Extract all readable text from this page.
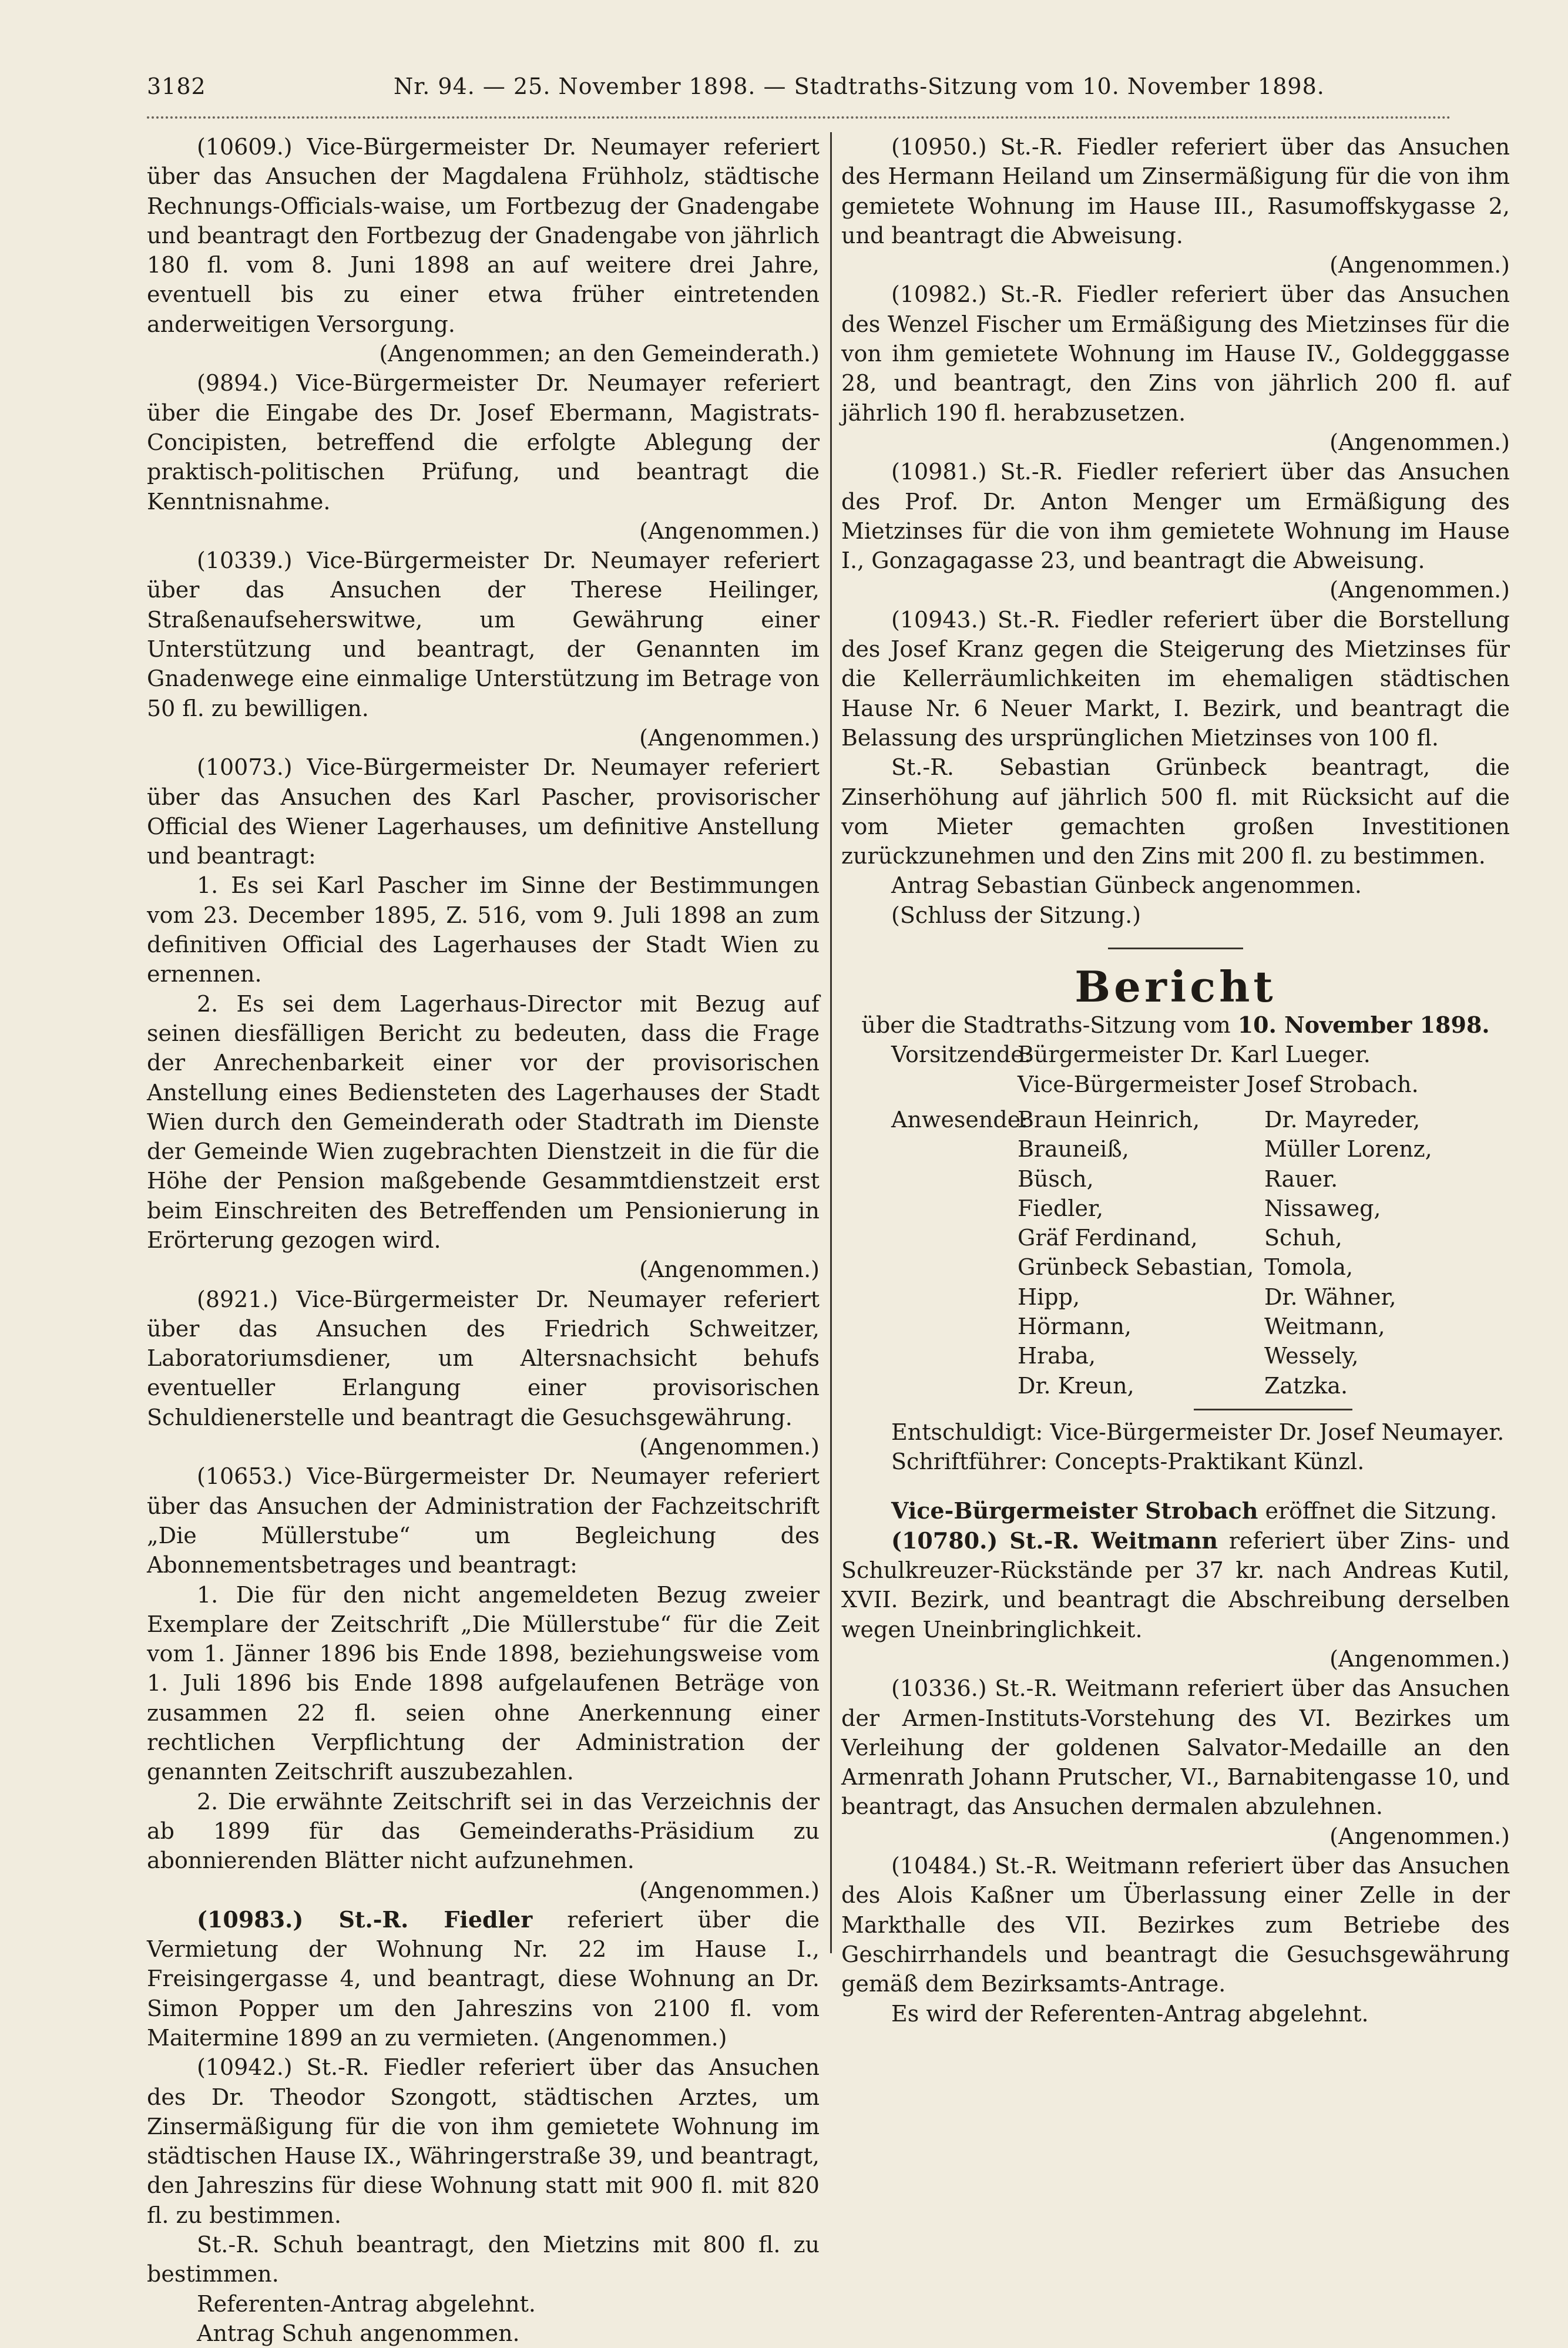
3182	Nr. 94. — 25. November 1898. — Stadtraths-Sitzung vom 10. November 1898.

(10609.) Vice-Bürgermeister Dr. Neumayer referiert über das Ansuchen der Magdalena Frühholz, städtische Rechnungs-Officials-waise, um Fortbezug der Gnadengabe und beantragt den Fortbezug der Gnadengabe von jährlich 180 fl. vom 8. Juni 1898 an auf weitere drei Jahre, eventuell bis zu einer etwa früher eintretenden anderweitigen Versorgung.
(Angenommen; an den Gemeinderath.)

(9894.) Vice-Bürgermeister Dr. Neumayer referiert über die Eingabe des Dr. Josef Ebermann, Magistrats-Concipisten, betreffend die erfolgte Ablegung der praktisch-politischen Prüfung, und beantragt die Kenntnisnahme.
(Angenommen.)

(10339.) Vice-Bürgermeister Dr. Neumayer referiert über das Ansuchen der Therese Heilinger, Straßenaufseherswitwe, um Gewährung einer Unterstützung und beantragt, der Genannten im Gnadenwege eine einmalige Unterstützung im Betrage von 50 fl. zu bewilligen.
(Angenommen.)

(10073.) Vice-Bürgermeister Dr. Neumayer referiert über das Ansuchen des Karl Pascher, provisorischer Official des Wiener Lagerhauses, um definitive Anstellung und beantragt:

1. Es sei Karl Pascher im Sinne der Bestimmungen vom 23. December 1895, Z. 516, vom 9. Juli 1898 an zum definitiven Official des Lagerhauses der Stadt Wien zu ernennen.

2. Es sei dem Lagerhaus-Director mit Bezug auf seinen diesfälligen Bericht zu bedeuten, dass die Frage der Anrechenbarkeit einer vor der provisorischen Anstellung eines Bediensteten des Lagerhauses der Stadt Wien durch den Gemeinderath oder Stadtrath im Dienste der Gemeinde Wien zugebrachten Dienstzeit in die für die Höhe der Pension maßgebende Gesammtdienstzeit erst beim Einschreiten des Betreffenden um Pensionierung in Erörterung gezogen wird.
(Angenommen.)

(8921.) Vice-Bürgermeister Dr. Neumayer referiert über das Ansuchen des Friedrich Schweitzer, Laboratoriumsdiener, um Altersnachsicht behufs eventueller Erlangung einer provisorischen Schuldienerstelle und beantragt die Gesuchsgewährung.
(Angenommen.)

(10653.) Vice-Bürgermeister Dr. Neumayer referiert über das Ansuchen der Administration der Fachzeitschrift „Die Müllerstube“ um Begleichung des Abonnementsbetrages und beantragt:

1. Die für den nicht angemeldeten Bezug zweier Exemplare der Zeitschrift „Die Müllerstube“ für die Zeit vom 1. Jänner 1896 bis Ende 1898, beziehungsweise vom 1. Juli 1896 bis Ende 1898 aufgelaufenen Beträge von zusammen 22 fl. seien ohne Anerkennung einer rechtlichen Verpflichtung der Administration der genannten Zeitschrift auszubezahlen.

2. Die erwähnte Zeitschrift sei in das Verzeichnis der ab 1899 für das Gemeinderaths-Präsidium zu abonnierenden Blätter nicht aufzunehmen.
(Angenommen.)

(10983.) St.-R. Fiedler referiert über die Vermietung der Wohnung Nr. 22 im Hause I., Freisingergasse 4, und beantragt, diese Wohnung an Dr. Simon Popper um den Jahreszins von 2100 fl. vom Maitermine 1899 an zu vermieten. (Angenommen.)

(10942.) St.-R. Fiedler referiert über das Ansuchen des Dr. Theodor Szongott, städtischen Arztes, um Zinsermäßigung für die von ihm gemietete Wohnung im städtischen Hause IX., Währingerstraße 39, und beantragt, den Jahreszins für diese Wohnung statt mit 900 fl. mit 820 fl. zu bestimmen.

St.-R. Schuh beantragt, den Mietzins mit 800 fl. zu bestimmen.

Referenten-Antrag abgelehnt.

Antrag Schuh angenommen.

(10950.) St.-R. Fiedler referiert über das Ansuchen des Hermann Heiland um Zinsermäßigung für die von ihm gemietete Wohnung im Hause III., Rasumoffskygasse 2, und beantragt die Abweisung.
(Angenommen.)

(10982.) St.-R. Fiedler referiert über das Ansuchen des Wenzel Fischer um Ermäßigung des Mietzinses für die von ihm gemietete Wohnung im Hause IV., Goldegggasse 28, und beantragt, den Zins von jährlich 200 fl. auf jährlich 190 fl. herabzusetzen.
(Angenommen.)

(10981.) St.-R. Fiedler referiert über das Ansuchen des Prof. Dr. Anton Menger um Ermäßigung des Mietzinses für die von ihm gemietete Wohnung im Hause I., Gonzagagasse 23, und beantragt die Abweisung.
(Angenommen.)

(10943.) St.-R. Fiedler referiert über die Borstellung des Josef Kranz gegen die Steigerung des Mietzinses für die Kellerräumlichkeiten im ehemaligen städtischen Hause Nr. 6 Neuer Markt, I. Bezirk, und beantragt die Belassung des ursprünglichen Mietzinses von 100 fl.

St.-R. Sebastian Grünbeck beantragt, die Zinserhöhung auf jährlich 500 fl. mit Rücksicht auf die vom Mieter gemachten großen Investitionen zurückzunehmen und den Zins mit 200 fl. zu bestimmen.

Antrag Sebastian Günbeck angenommen.

(Schluss der Sitzung.)

Bericht

über die Stadtraths-Sitzung vom 10. November 1898.

Vorsitzende:
Bürgermeister Dr. Karl Lueger.
Vice-Bürgermeister Josef Strobach.
Anwesende:
Braun Heinrich,	Dr. Mayreder,
Brauneiß,	Müller Lorenz,
Büsch,	Rauer.
Fiedler,	Nissaweg,
Gräf Ferdinand,	Schuh,
Grünbeck Sebastian, Tomola,
Hipp,	Dr. Wähner,
Hörmann,	Weitmann,
Hraba,	Wessely,
Dr. Kreun,	Zatzka.

Entschuldigt: Vice-Bürgermeister Dr. Josef Neumayer.

Schriftführer: Concepts-Praktikant Künzl.

Vice-Bürgermeister Strobach eröffnet die Sitzung.

(10780.) St.-R. Weitmann referiert über Zins- und Schulkreuzer-Rückstände per 37 kr. nach Andreas Kutil, XVII. Bezirk, und beantragt die Abschreibung derselben wegen Uneinbringlichkeit.
(Angenommen.)

(10336.) St.-R. Weitmann referiert über das Ansuchen der Armen-Instituts-Vorstehung des VI. Bezirkes um Verleihung der goldenen Salvator-Medaille an den Armenrath Johann Prutscher, VI., Barnabitengasse 10, und beantragt, das Ansuchen dermalen abzulehnen.
(Angenommen.)

(10484.) St.-R. Weitmann referiert über das Ansuchen des Alois Kaßner um Überlassung einer Zelle in der Markthalle des VII. Bezirkes zum Betriebe des Geschirrhandels und beantragt die Gesuchsgewährung gemäß dem Bezirksamts-Antrage.

Es wird der Referenten-Antrag abgelehnt.
